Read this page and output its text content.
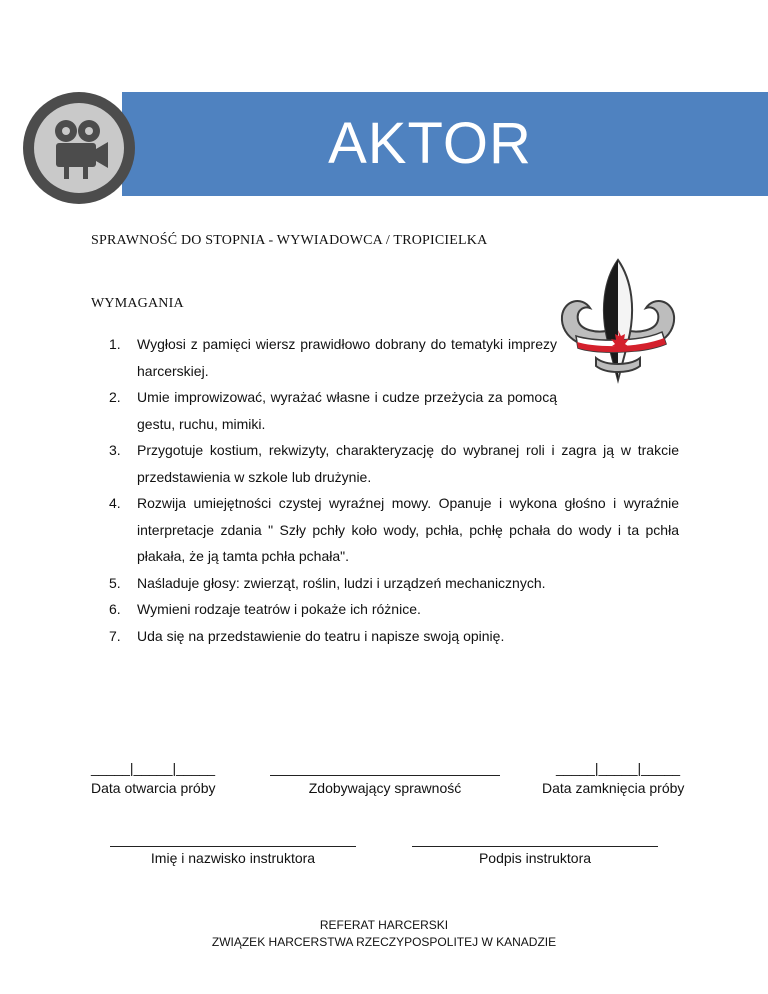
AKTOR
SPRAWNOŚĆ DO STOPNIA - WYWIADOWCA / TROPICIELKA
WYMAGANIA
1. Wygłosi z pamięci wiersz prawidłowo dobrany do tematyki imprezy harcerskiej.
2. Umie improwizować, wyrażać własne i cudze przeżycia za pomocą gestu, ruchu, mimiki.
3. Przygotuje kostium, rekwizyty, charakteryzację do wybranej roli i zagra ją w trakcie przedstawienia w szkole lub drużynie.
4. Rozwija umiejętności czystej wyraźnej mowy. Opanuje i wykona głośno i wyraźnie interpretacje zdania " Szły pchły koło wody, pchła, pchłę pchała do wody i ta pchła płakała, że ją tamta pchła pchała".
5. Naśladuje głosy: zwierząt, roślin, ludzi i urządzeń mechanicznych.
6. Wymieni rodzaje teatrów i pokaże ich różnice.
7. Uda się na przedstawienie do teatru i napisze swoją opinię.
_____|_____|_____
Data otwarcia próby	Zdobywający sprawność
_____|_____|_____
Data zamknięcia próby
Imię i nazwisko instruktora	Podpis instruktora
REFERAT HARCERSKI
ZWIĄZEK HARCERSTWA RZECZYPOSPOLITEJ W KANADZIE
